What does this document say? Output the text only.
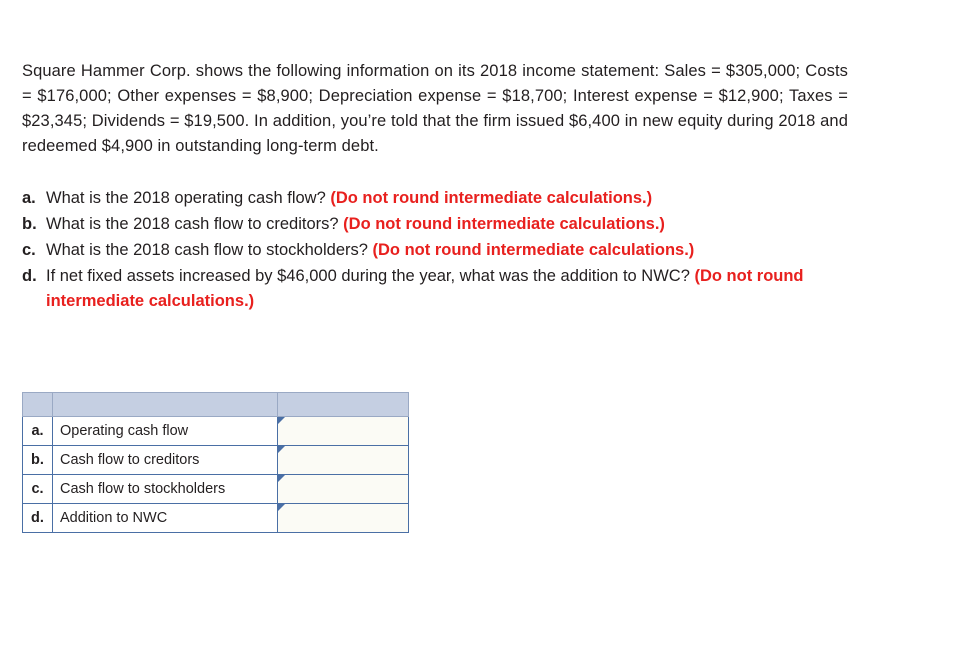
Square Hammer Corp. shows the following information on its 2018 income statement: Sales = $305,000; Costs = $176,000; Other expenses = $8,900; Depreciation expense = $18,700; Interest expense = $12,900; Taxes = $23,345; Dividends = $19,500. In addition, you’re told that the firm issued $6,400 in new equity during 2018 and redeemed $4,900 in outstanding long-term debt.

a. What is the 2018 operating cash flow? (Do not round intermediate calculations.)
b. What is the 2018 cash flow to creditors? (Do not round intermediate calculations.)
c. What is the 2018 cash flow to stockholders? (Do not round intermediate calculations.)
d. If net fixed assets increased by $46,000 during the year, what was the addition to NWC? (Do not round intermediate calculations.)

a.	Operating cash flow	

b.	Cash flow to creditors	

c.	Cash flow to stockholders	

d.	Addition to NWC	
